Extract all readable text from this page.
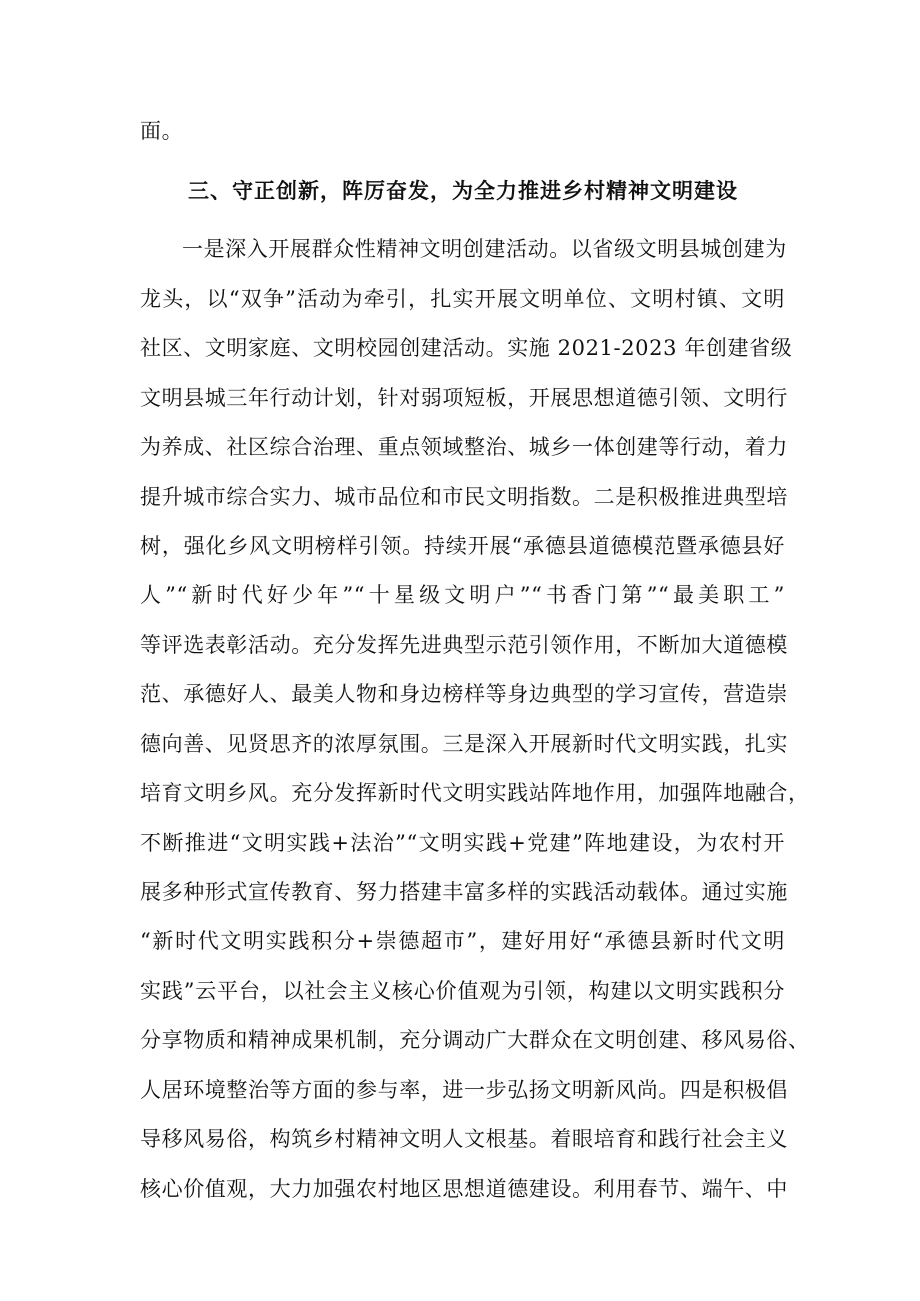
面。
三、守正创新，阵厉奋发，为全力推进乡村精神文明建设
一是深入开展群众性精神文明创建活动。以省级文明县城创建为
龙头，以“双争”活动为牵引，扎实开展文明单位、文明村镇、文明
社区、文明家庭、文明校园创建活动。实施 2021-2023 年创建省级
文明县城三年行动计划，针对弱项短板，开展思想道德引领、文明行
为养成、社区综合治理、重点领域整治、城乡一体创建等行动，着力
提升城市综合实力、城市品位和市民文明指数。二是积极推进典型培
树，强化乡风文明榜样引领。持续开展“承德县道德模范暨承德县好
人”“新时代好少年”“十星级文明户”“书香门第”“最美职工”
等评选表彰活动。充分发挥先进典型示范引领作用，不断加大道德模
范、承德好人、最美人物和身边榜样等身边典型的学习宣传，营造崇
德向善、见贤思齐的浓厚氛围。三是深入开展新时代文明实践，扎实
培育文明乡风。充分发挥新时代文明实践站阵地作用，加强阵地融合，
不断推进“文明实践+法治”“文明实践+党建”阵地建设，为农村开
展多种形式宣传教育、努力搭建丰富多样的实践活动载体。通过实施
“新时代文明实践积分+崇德超市”，建好用好“承德县新时代文明
实践”云平台，以社会主义核心价值观为引领，构建以文明实践积分
分享物质和精神成果机制，充分调动广大群众在文明创建、移风易俗、
人居环境整治等方面的参与率，进一步弘扬文明新风尚。四是积极倡
导移风易俗，构筑乡村精神文明人文根基。着眼培育和践行社会主义
核心价值观，大力加强农村地区思想道德建设。利用春节、端午、中
